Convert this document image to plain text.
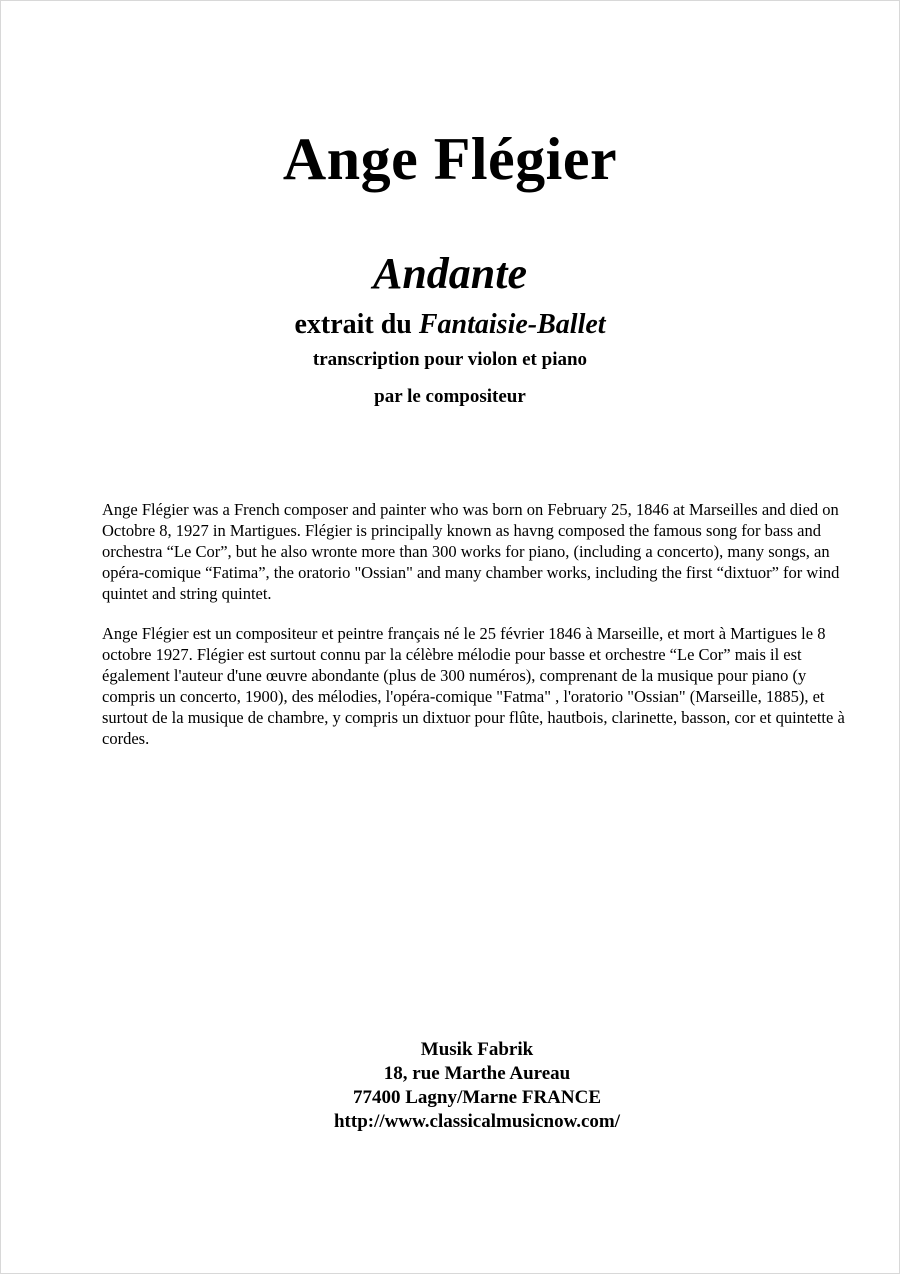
Ange Flégier
Andante
extrait du Fantaisie-Ballet
transcription pour violon et piano
par le compositeur
Ange Flégier was a French composer and painter who was born on February 25, 1846 at Marseilles and died on Octobre 8, 1927 in Martigues. Flégier is principally known as havng composed the famous song for bass and orchestra “Le Cor”, but he also wronte more than 300 works for piano, (including a concerto), many songs, an opéra-comique “Fatima”, the oratorio "Ossian" and many chamber works, including the first “dixtuor” for wind quintet and string quintet.
Ange Flégier est un compositeur et peintre français né le 25 février 1846 à Marseille, et mort à Martigues le 8 octobre 1927. Flégier est surtout connu par la célèbre mélodie pour basse et orchestre “Le Cor” mais il est également l'auteur d'une œuvre abondante (plus de 300 numéros), comprenant de la musique pour piano (y compris un concerto, 1900), des mélodies, l'opéra-comique "Fatma" , l'oratorio "Ossian" (Marseille, 1885), et surtout de la musique de chambre, y compris un dixtuor pour flûte, hautbois, clarinette, basson, cor et quintette à cordes.
Musik Fabrik
18, rue Marthe Aureau
77400 Lagny/Marne FRANCE
http://www.classicalmusicnow.com/
